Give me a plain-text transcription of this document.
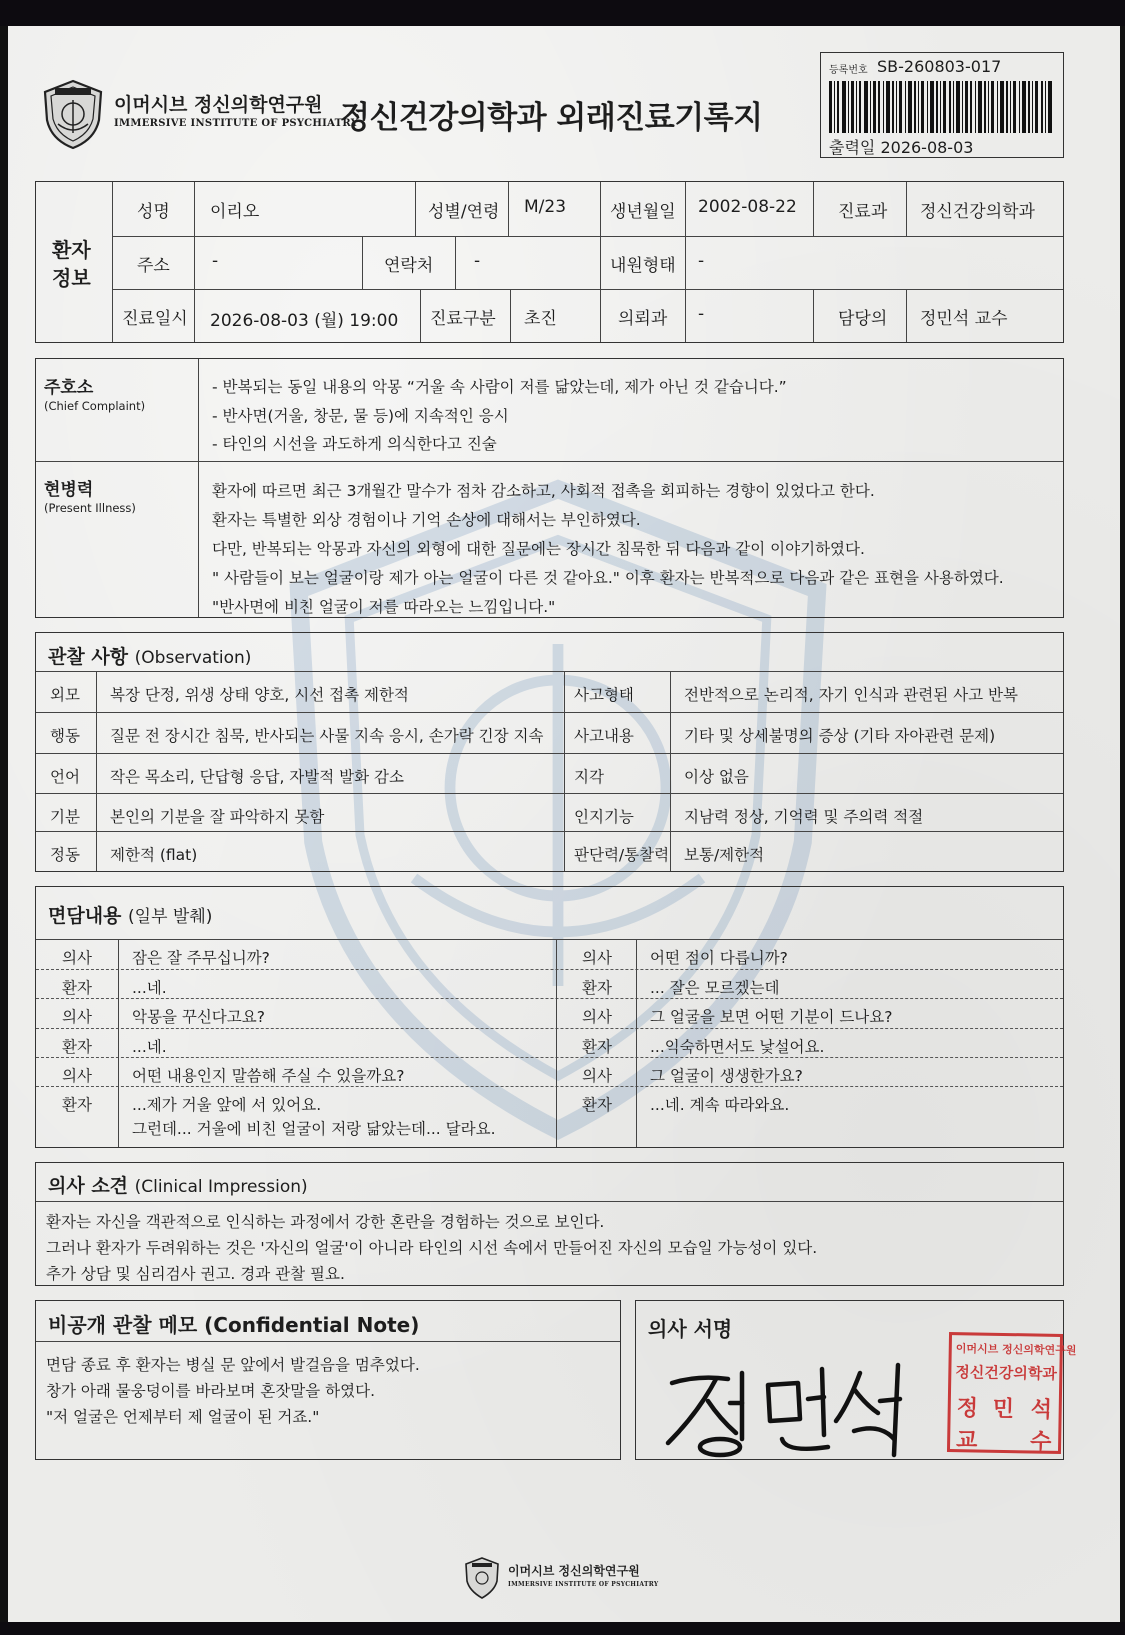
이머시브 정신의학연구원
IMMERSIVE INSTITUTE OF PSYCHIATRY
정신건강의학과 외래진료기록지
등록번호 SB-260803-017
출력일 2026-08-03
환자
정보
성명 이리오	성별/연령 M/23	생년월일 2002-08-22 진료과 정신건강의학과
주소 -	연락처 -	내원형태 -
진료일시 2026-08-03 (월) 19:00 진료구분 초진	의뢰과 -	담당의 정민석 교수
주호소
(Chief Complaint)
- 반복되는 동일 내용의 악몽 “거울 속 사람이 저를 닮았는데, 제가 아닌 것 같습니다.”
- 반사면(거울, 창문, 물 등)에 지속적인 응시
- 타인의 시선을 과도하게 의식한다고 진술
현병력
(Present Illness)
환자에 따르면 최근 3개월간 말수가 점차 감소하고, 사회적 접촉을 회피하는 경향이 있었다고 한다.
환자는 특별한 외상 경험이나 기억 손상에 대해서는 부인하였다.
다만, 반복되는 악몽과 자신의 외형에 대한 질문에는 장시간 침묵한 뒤 다음과 같이 이야기하였다.
" 사람들이 보는 얼굴이랑 제가 아는 얼굴이 다른 것 같아요." 이후 환자는 반복적으로 다음과 같은 표현을 사용하였다.
"반사면에 비친 얼굴이 저를 따라오는 느낌입니다."
관찰 사항 (Observation)
외모 복장 단정, 위생 상태 양호, 시선 접촉 제한적	사고형태	전반적으로 논리적, 자기 인식과 관련된 사고 반복
행동 질문 전 장시간 침묵, 반사되는 사물 지속 응시, 손가락 긴장 지속 사고내용	기타 및 상세불명의 증상 (기타 자아관련 문제)
언어 작은 목소리, 단답형 응답, 자발적 발화 감소	지각	이상 없음
기분 본인의 기분을 잘 파악하지 못함	인지기능	지남력 정상, 기억력 및 주의력 적절
정동 제한적 (flat)	판단력/통찰력 보통/제한적
면담내용 (일부 발췌)
의사	잠은 잘 주무십니까?
환자	...네.
의사	악몽을 꾸신다고요?
환자	...네.
의사	어떤 내용인지 말씀해 주실 수 있을까요?
환자	...제가 거울 앞에 서 있어요.
그런데... 거울에 비친 얼굴이 저랑 닮았는데... 달라요.
의사 어떤 점이 다릅니까?
환자 ... 잘은 모르겠는데
의사 그 얼굴을 보면 어떤 기분이 드나요?
환자 ...익숙하면서도 낯설어요.
의사 그 얼굴이 생생한가요?
환자 ...네. 계속 따라와요.
의사 소견 (Clinical Impression)
환자는 자신을 객관적으로 인식하는 과정에서 강한 혼란을 경험하는 것으로 보인다.
그러나 환자가 두려워하는 것은 '자신의 얼굴'이 아니라 타인의 시선 속에서 만들어진 자신의 모습일 가능성이 있다.
추가 상담 및 심리검사 권고. 경과 관찰 필요.
비공개 관찰 메모 (Confidential Note)
면담 종료 후 환자는 병실 문 앞에서 발걸음을 멈추었다.
창가 아래 물웅덩이를 바라보며 혼잣말을 하였다.
"저 얼굴은 언제부터 제 얼굴이 된 거죠."
의사 서명
이머시브 정신의학연구원
정신건강의학과
정 민 석
교 수
이머시브 정신의학연구원
IMMERSIVE INSTITUTE OF PSYCHIATRY
